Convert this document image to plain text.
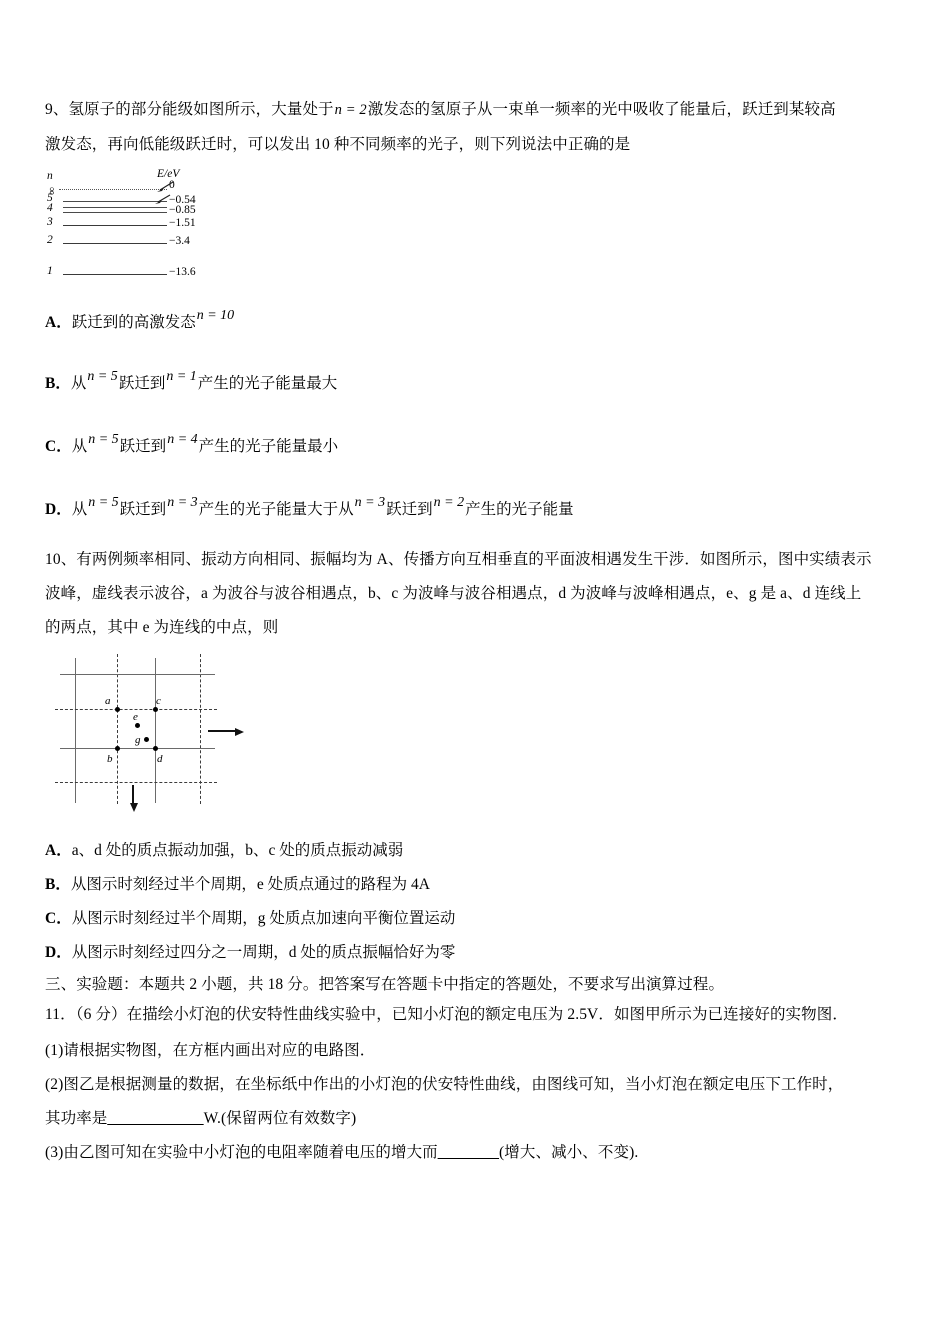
9、氢原子的部分能级如图所示，大量处于n = 2激发态的氢原子从一束单一频率的光中吸收了能量后，跃迁到某较高
激发态，再向低能级跃迁时，可以发出 10 种不同频率的光子，则下列说法中正确的是
n	E/eV
∞	0
5	−0.54
4	−0.85
3	−1.51
2	−3.4
1	−13.6
A．跃迁到的高激发态n = 10
B．从n = 5跃迁到n = 1产生的光子能量最大
C．从n = 5跃迁到n = 4产生的光子能量最小
D．从n = 5跃迁到n = 3产生的光子能量大于从n = 3跃迁到n = 2产生的光子能量
10、有两例频率相同、振动方向相同、振幅均为 A、传播方向互相垂直的平面波相遇发生干涉．如图所示，图中实绩表示
波峰，虚线表示波谷，a 为波谷与波谷相遇点，b、c 为波峰与波谷相遇点，d 为波峰与波峰相遇点，e、g 是 a、d 连线上
的两点，其中 e 为连线的中点，则
a	c
e
g
b	d
A．a、d 处的质点振动加强，b、c 处的质点振动减弱
B．从图示时刻经过半个周期，e 处质点通过的路程为 4A
C．从图示时刻经过半个周期，g 处质点加速向平衡位置运动
D．从图示时刻经过四分之一周期，d 处的质点振幅恰好为零
三、实验题：本题共 2 小题，共 18 分。把答案写在答题卡中指定的答题处，不要求写出演算过程。
11．（6 分）在描绘小灯泡的伏安特性曲线实验中，已知小灯泡的额定电压为 2.5V．如图甲所示为已连接好的实物图．
(1)请根据实物图，在方框内画出对应的电路图．
(2)图乙是根据测量的数据，在坐标纸中作出的小灯泡的伏安特性曲线，由图线可知，当小灯泡在额定电压下工作时，
其功率是___________W.(保留两位有效数字)
(3)由乙图可知在实验中小灯泡的电阻率随着电压的增大而_______(增大、减小、不变).
